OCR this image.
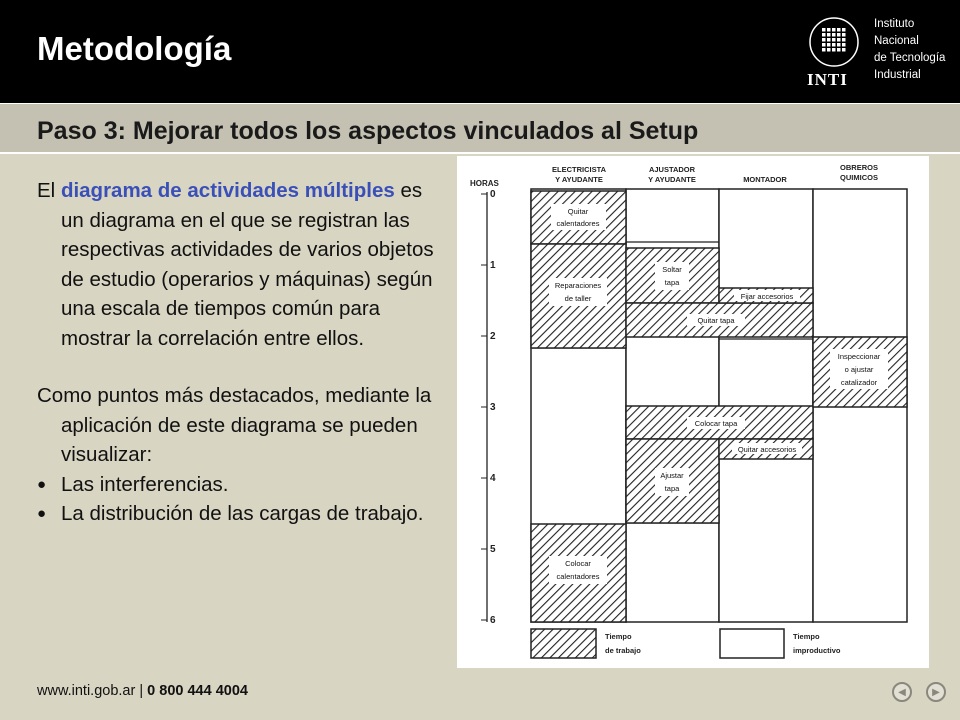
Metodología
Instituto
Nacional
de Tecnología
Industrial
INTI
Paso 3: Mejorar todos los aspectos vinculados al Setup

El diagrama de actividades múltiples es un diagrama en el que se registran las respectivas actividades de varios objetos de estudio (operarios y máquinas) según una escala de tiempos común para mostrar la correlación entre ellos.

Como puntos más destacados, mediante la aplicación de este diagrama se pueden visualizar:

● Las interferencias.
● La distribución de las cargas de trabajo.
HORAS
0
1
2
3
4
5
6
ELECTRICISTA
Y AYUDANTE
AJUSTADOR
Y AYUDANTE	MONTADOR
OBREROS
QUIMICOS
Quitar
calentadores
Reparaciones
de taller
Colocar
calentadores
Soltar
tapa
Quitar tapa
Colocar tapa
Ajustar
tapa
Fijar accesorios
Quitar accesorios
Inspeccionar
o ajustar
catalizador
Tiempo
de trabajo
Tiempo
improductivo
www.inti.gob.ar | 0 800 444 4004	◀	▶
